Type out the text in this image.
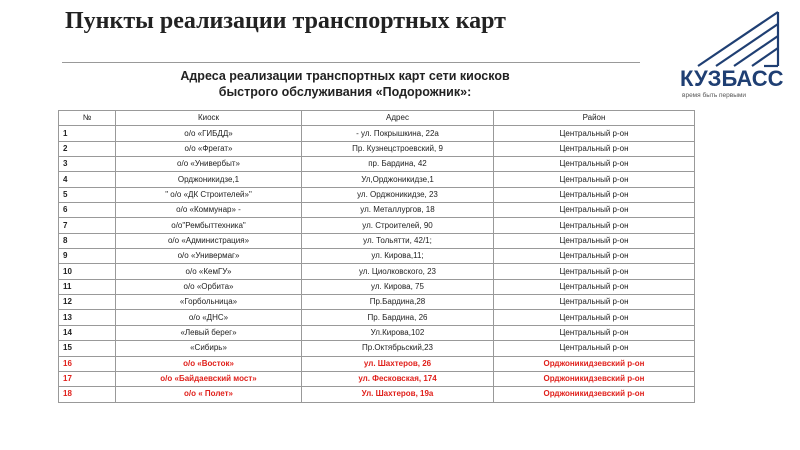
Пункты реализации транспортных карт
Адреса реализации транспортных карт сети киосков
быстрого обслуживания «Подорожник»:
КУЗБАСС
время быть первыми
№	Киоск	Адрес	Район
1	о/о «ГИБДД»	- ул. Покрышкина, 22а	Центральный р-он
2	о/о «Фрегат»	Пр. Кузнецстроевский, 9	Центральный р-он
3	о/о «Универбыт»	пр. Бардина, 42	Центральный р-он
4	Орджоникидзе,1	Ул,Орджоникидзе,1	Центральный р-он
5	" о/о «ДК Строителей»"	ул. Орджоникидзе, 23	Центральный р-он
6	о/о «Коммунар» -	ул. Металлургов, 18	Центральный р-он
7	о/о"Рембыттехника"	ул. Строителей, 90	Центральный р-он
8	о/о «Администрация»	ул. Тольятти, 42/1;	Центральный р-он
9	о/о «Универмаг»	ул. Кирова,11;	Центральный р-он
10	о/о «КемГУ»	ул. Циолковского, 23	Центральный р-он
11	о/о «Орбита»	ул. Кирова, 75	Центральный р-он
12	«Горбольница»	Пр.Бардина,28	Центральный р-он
13	о/о «ДНС»	Пр. Бардина, 26	Центральный р-он
14	«Левый берег»	Ул.Кирова,102	Центральный р-он
15	«Сибирь»	Пр.Октябрьский,23	Центральный р-он
16	о/о «Восток»	ул. Шахтеров, 26	Орджоникидзевский р-он
17	о/о «Байдаевский мост»	ул. Фесковская, 174	Орджоникидзевский р-он
18	о/о « Полет»	Ул. Шахтеров, 19а	Орджоникидзевский р-он
